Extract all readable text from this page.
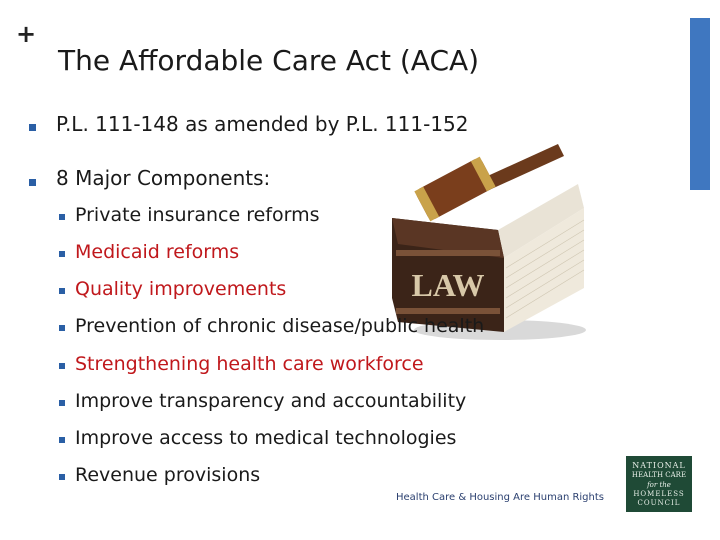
+
The Affordable Care Act (ACA)
LAW
P.L. 111-148 as amended by P.L. 111-152
8 Major Components:
Private insurance reforms
Medicaid reforms
Quality improvements
Prevention of chronic disease/public health
Strengthening health care workforce
Improve transparency and accountability
Improve access to medical technologies
Revenue provisions
Health Care & Housing Are Human Rights
NATIONAL
HEALTH CARE
for the
HOMELESS
COUNCIL
